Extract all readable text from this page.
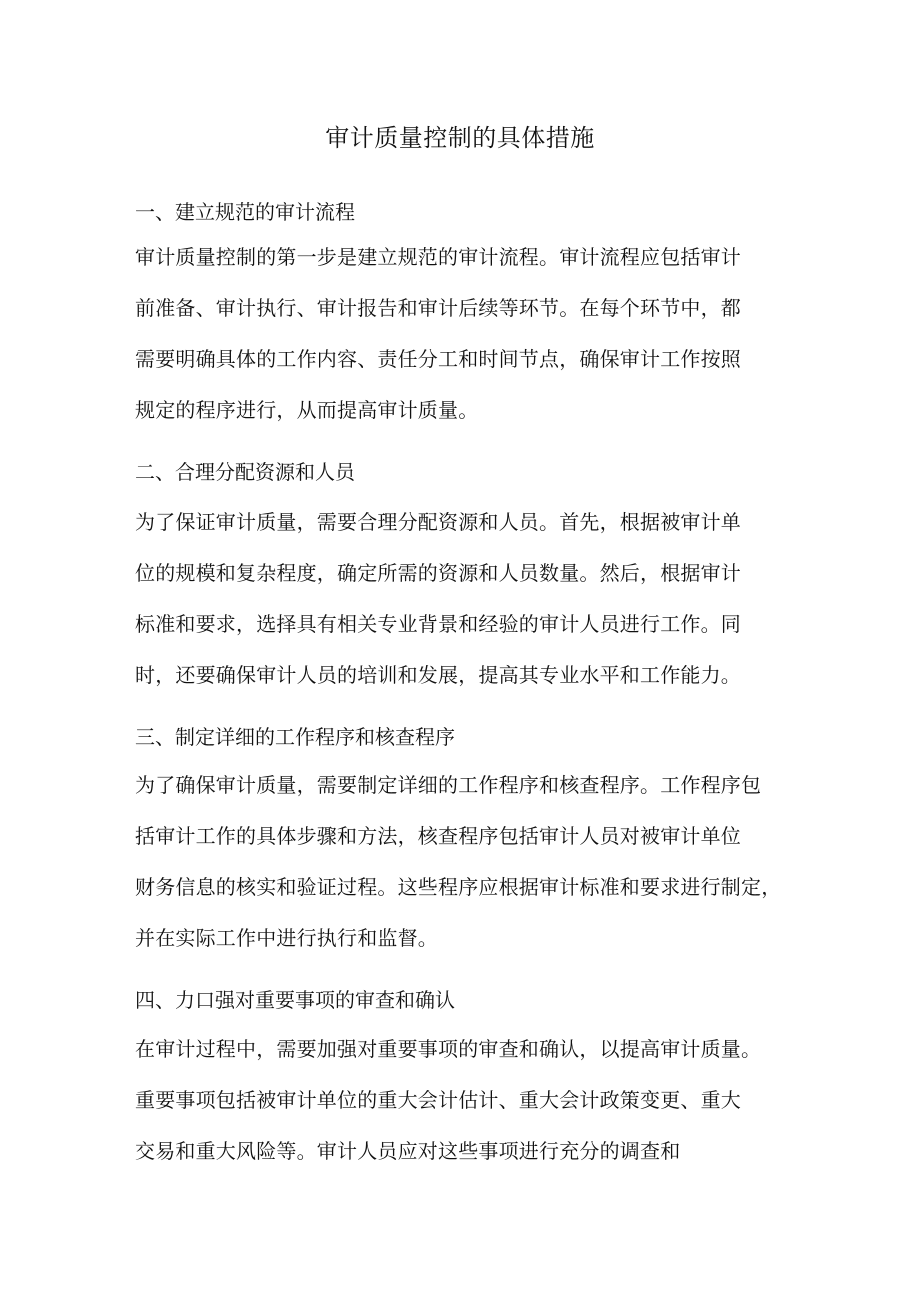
审计质量控制的具体措施
一、建立规范的审计流程
审计质量控制的第一步是建立规范的审计流程。审计流程应包括审计
前准备、审计执行、审计报告和审计后续等环节。在每个环节中，都
需要明确具体的工作内容、责任分工和时间节点，确保审计工作按照
规定的程序进行，从而提高审计质量。
二、合理分配资源和人员
为了保证审计质量，需要合理分配资源和人员。首先，根据被审计单
位的规模和复杂程度，确定所需的资源和人员数量。然后，根据审计
标准和要求，选择具有相关专业背景和经验的审计人员进行工作。同
时，还要确保审计人员的培训和发展，提高其专业水平和工作能力。
三、制定详细的工作程序和核查程序
为了确保审计质量，需要制定详细的工作程序和核查程序。工作程序包
括审计工作的具体步骤和方法，核查程序包括审计人员对被审计单位
财务信息的核实和验证过程。这些程序应根据审计标准和要求进行制定，
并在实际工作中进行执行和监督。
四、力口强对重要事项的审查和确认
在审计过程中，需要加强对重要事项的审查和确认，以提高审计质量。
重要事项包括被审计单位的重大会计估计、重大会计政策变更、重大
交易和重大风险等。审计人员应对这些事项进行充分的调查和
